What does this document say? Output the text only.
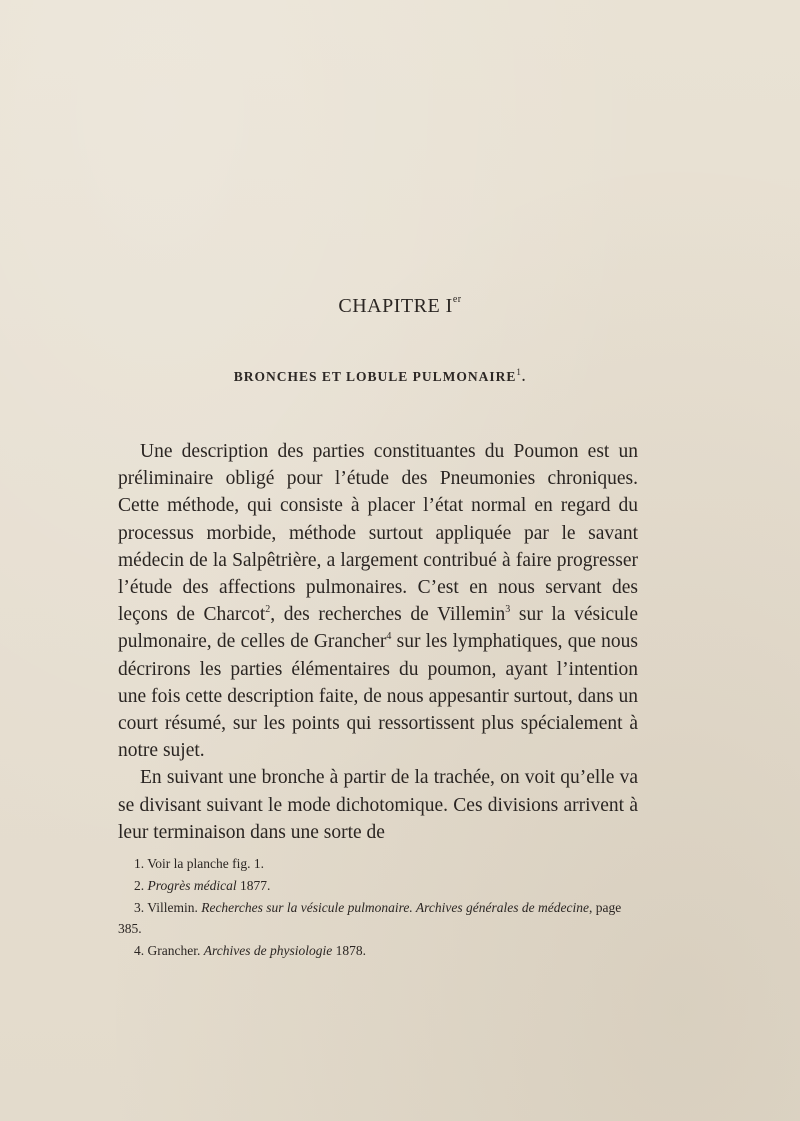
CHAPITRE Ier
BRONCHES ET LOBULE PULMONAIRE$^1$.

Une description des parties constituantes du Poumon est un préliminaire obligé pour l’étude des Pneumonies chroniques. Cette méthode, qui consiste à placer l’état normal en regard du processus morbide, méthode surtout appliquée par le savant médecin de la Salpêtrière, a largement contribué à faire progresser l’étude des affections pulmonaires. C’est en nous servant des leçons de Charcot$^2$, des recherches de Villemin$^3$ sur la vésicule pulmonaire, de celles de Grancher$^4$ sur les lymphatiques, que nous décrirons les parties élémentaires du poumon, ayant l’intention une fois cette description faite, de nous appesantir surtout, dans un court résumé, sur les points qui ressortissent plus spécialement à notre sujet.

En suivant une bronche à partir de la trachée, on voit qu’elle va se divisant suivant le mode dichotomique. Ces divisions arrivent à leur terminaison dans une sorte de

1. Voir la planche fig. 1.
2. Progrès médical 1877.
3. Villemin. Recherches sur la vésicule pulmonaire. Archives générales de médecine, page 385.
4. Grancher. Archives de physiologie 1878.
